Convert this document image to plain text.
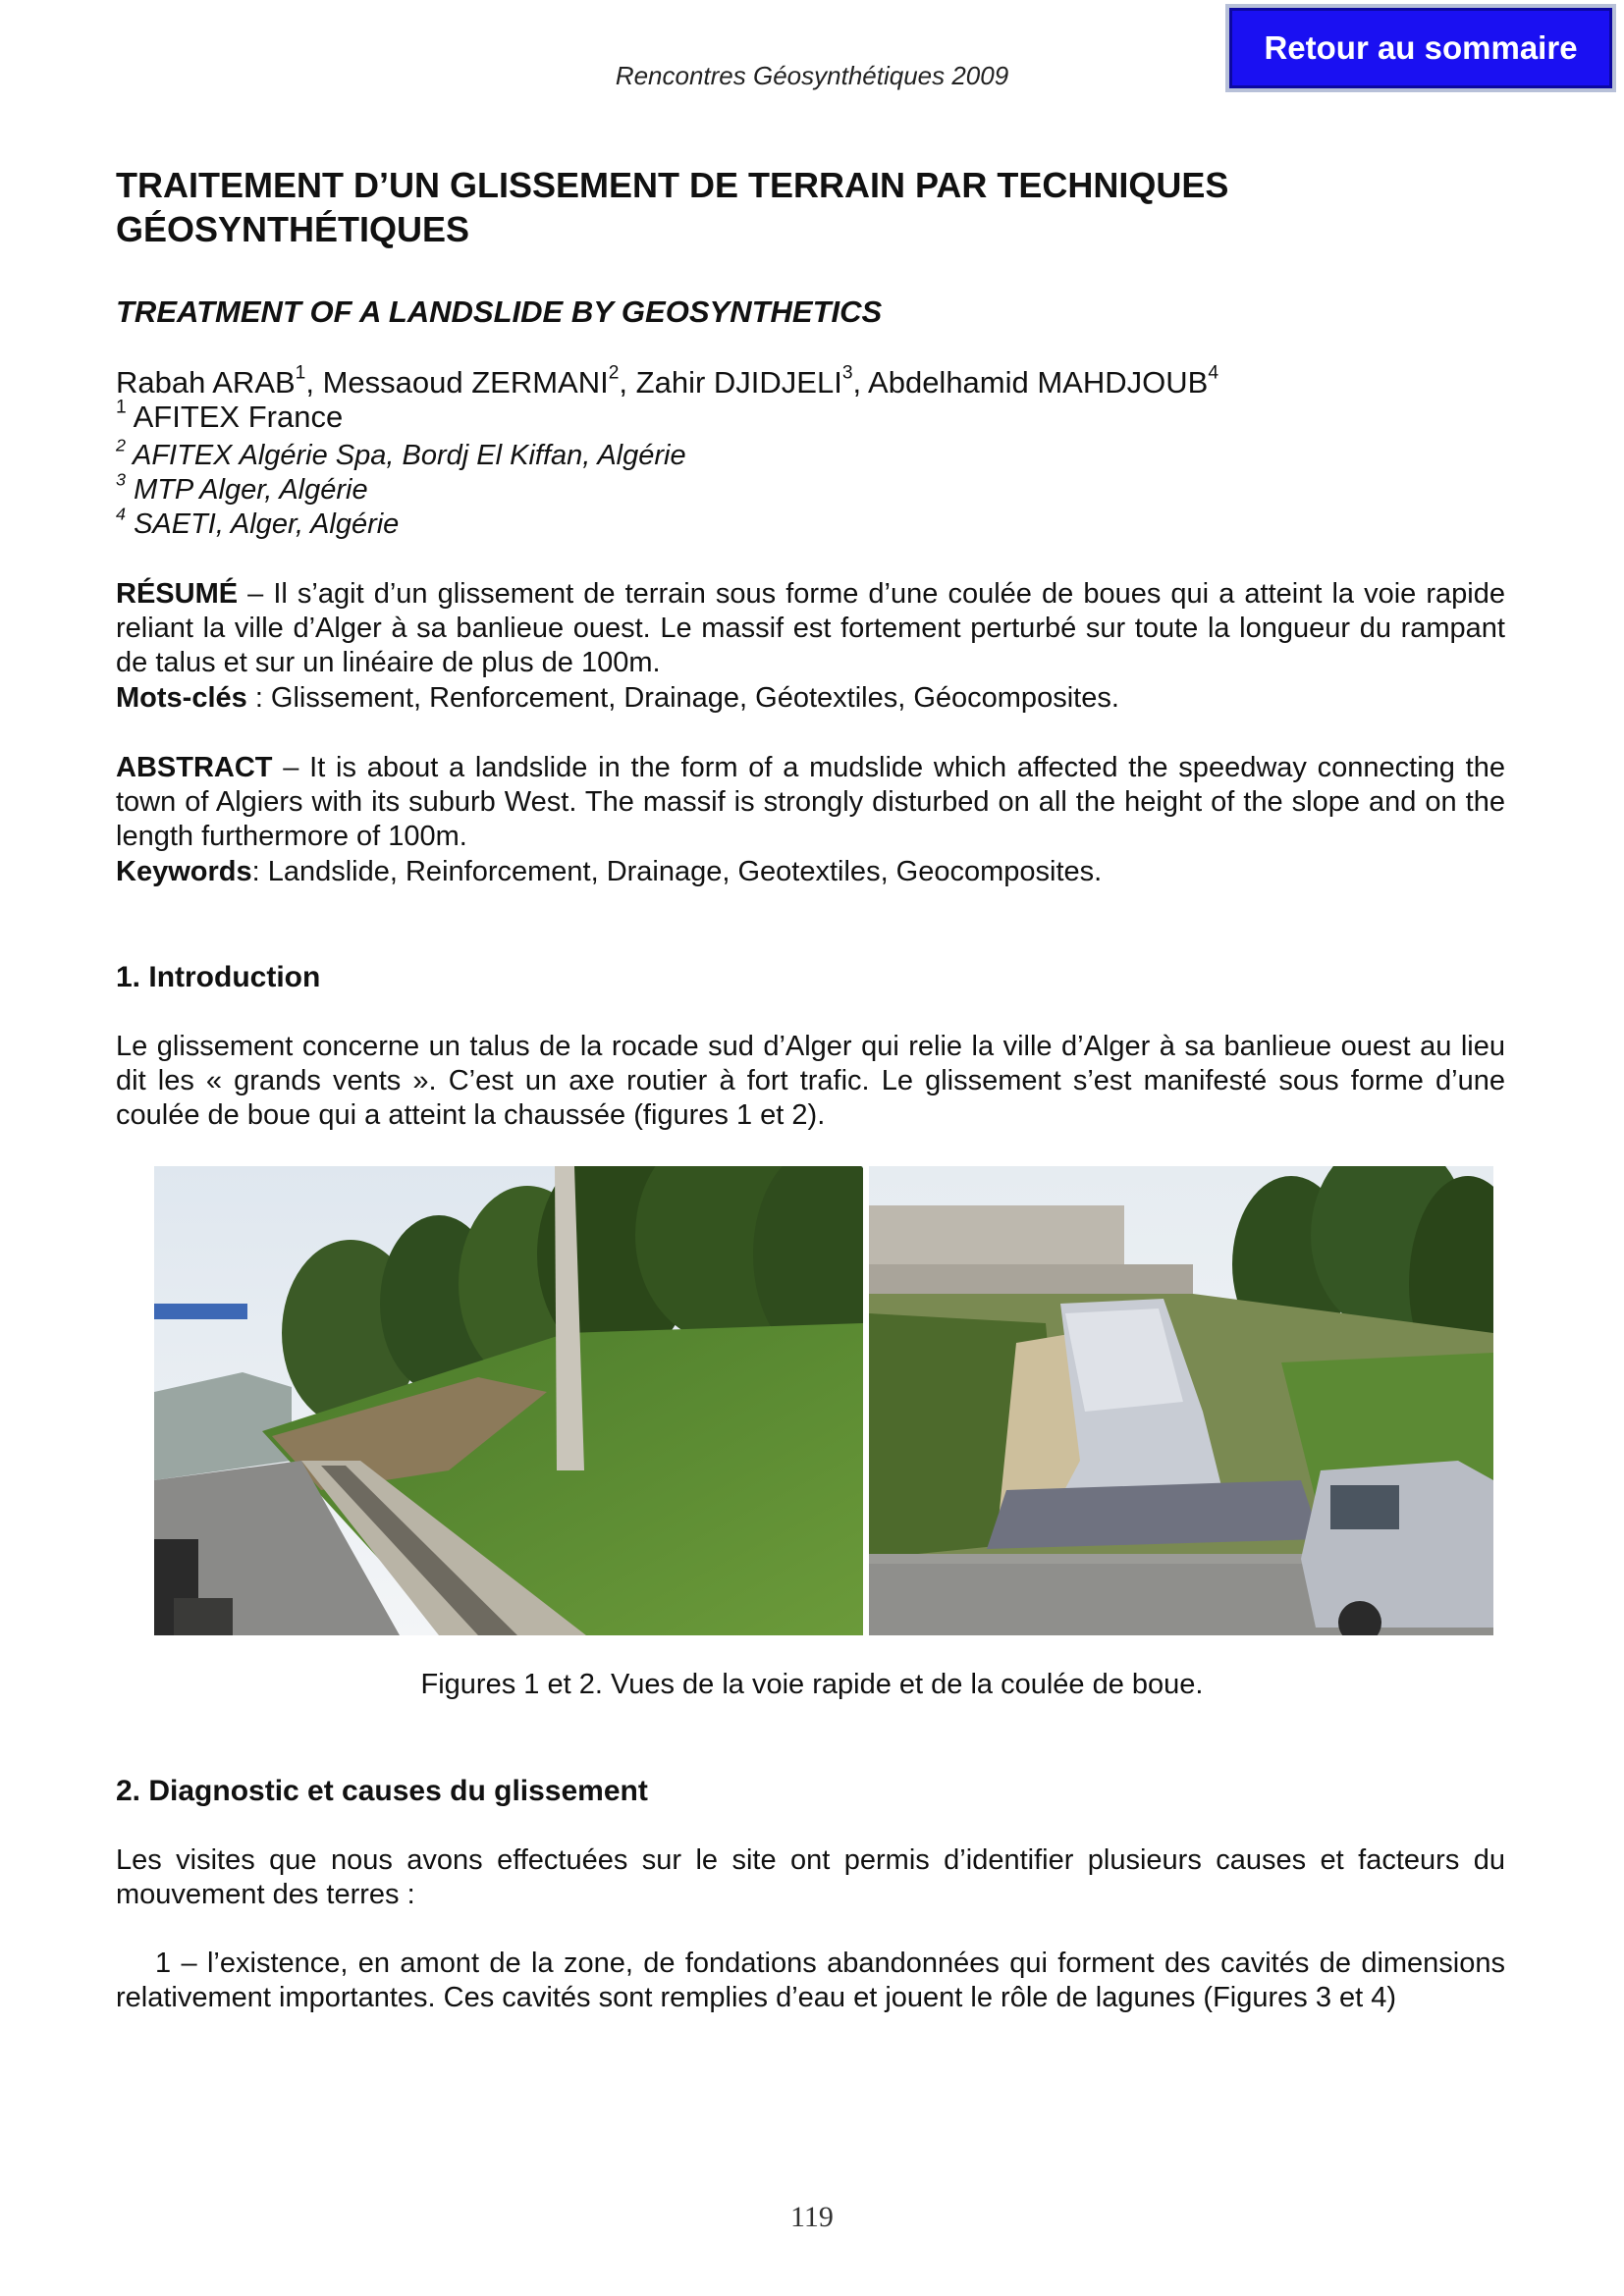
Retour au sommaire
Rencontres Géosynthétiques 2009
TRAITEMENT D’UN GLISSEMENT DE TERRAIN PAR TECHNIQUES GÉOSYNTHÉTIQUES
TREATMENT OF A LANDSLIDE BY GEOSYNTHETICS
Rabah ARAB$^1$, Messaoud ZERMANI$^2$, Zahir DJIDJELI$^3$, Abdelhamid MAHDJOUB$^4$
$^1$ AFITEX France
$^2$ AFITEX Algérie Spa, Bordj El Kiffan, Algérie
$^3$ MTP Alger, Algérie
$^4$ SAETI, Alger, Algérie
RÉSUMÉ – Il s’agit d’un glissement de terrain sous forme d’une coulée de boues qui a atteint la voie rapide reliant la ville d’Alger à sa banlieue ouest. Le massif est fortement perturbé sur toute la longueur du rampant de talus et sur un linéaire de plus de 100m.
Mots-clés : Glissement, Renforcement, Drainage, Géotextiles, Géocomposites.
ABSTRACT – It is about a landslide in the form of a mudslide which affected the speedway connecting the town of Algiers with its suburb West. The massif is strongly disturbed on all the height of the slope and on the length furthermore of 100m.
Keywords: Landslide, Reinforcement, Drainage, Geotextiles, Geocomposites.
1. Introduction
Le glissement concerne un talus de la rocade sud d’Alger qui relie la ville d’Alger à sa banlieue ouest au lieu dit les « grands vents ». C’est un axe routier à fort trafic. Le glissement s’est manifesté sous forme d’une coulée de boue qui a atteint la chaussée (figures 1 et 2).
Figures 1 et 2. Vues de la voie rapide et de la coulée de boue.
2. Diagnostic et causes du glissement
Les visites que nous avons effectuées sur le site ont permis d’identifier plusieurs causes et facteurs du mouvement des terres :
1 – l’existence, en amont de la zone, de fondations abandonnées qui forment des cavités de dimensions relativement importantes. Ces cavités sont remplies d’eau et jouent le rôle de lagunes (Figures 3 et 4)
119
